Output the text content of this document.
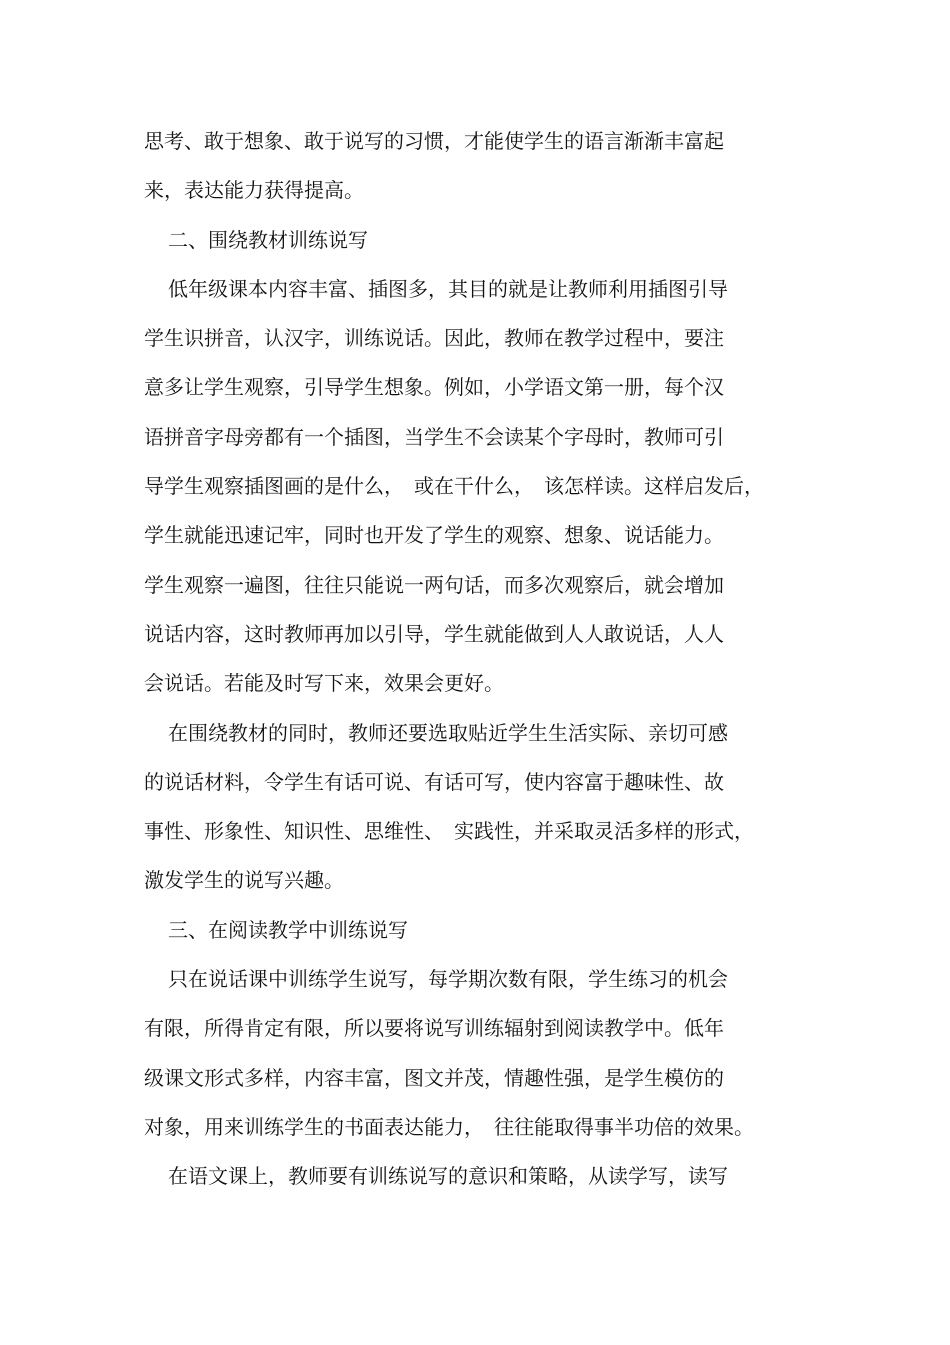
思考、敢于想象、敢于说写的习惯，才能使学生的语言渐渐丰富起
来，表达能力获得提高。
二、围绕教材训练说写
低年级课本内容丰富、插图多，其目的就是让教师利用插图引导
学生识拼音，认汉字，训练说话。因此，教师在教学过程中，要注
意多让学生观察，引导学生想象。例如，小学语文第一册，每个汉
语拼音字母旁都有一个插图，当学生不会读某个字母时，教师可引
导学生观察插图画的是什么，　或在干什么，　该怎样读。这样启发后，
学生就能迅速记牢，同时也开发了学生的观察、想象、说话能力。
学生观察一遍图，往往只能说一两句话，而多次观察后，就会增加
说话内容，这时教师再加以引导，学生就能做到人人敢说话，人人
会说话。若能及时写下来，效果会更好。
在围绕教材的同时，教师还要选取贴近学生生活实际、亲切可感
的说话材料，令学生有话可说、有话可写，使内容富于趣味性、故
事性、形象性、知识性、思维性、　实践性，并采取灵活多样的形式，
激发学生的说写兴趣。
三、在阅读教学中训练说写
只在说话课中训练学生说写，每学期次数有限，学生练习的机会
有限，所得肯定有限，所以要将说写训练辐射到阅读教学中。低年
级课文形式多样，内容丰富，图文并茂，情趣性强，是学生模仿的
对象，用来训练学生的书面表达能力，　往往能取得事半功倍的效果。
在语文课上，教师要有训练说写的意识和策略，从读学写，读写
